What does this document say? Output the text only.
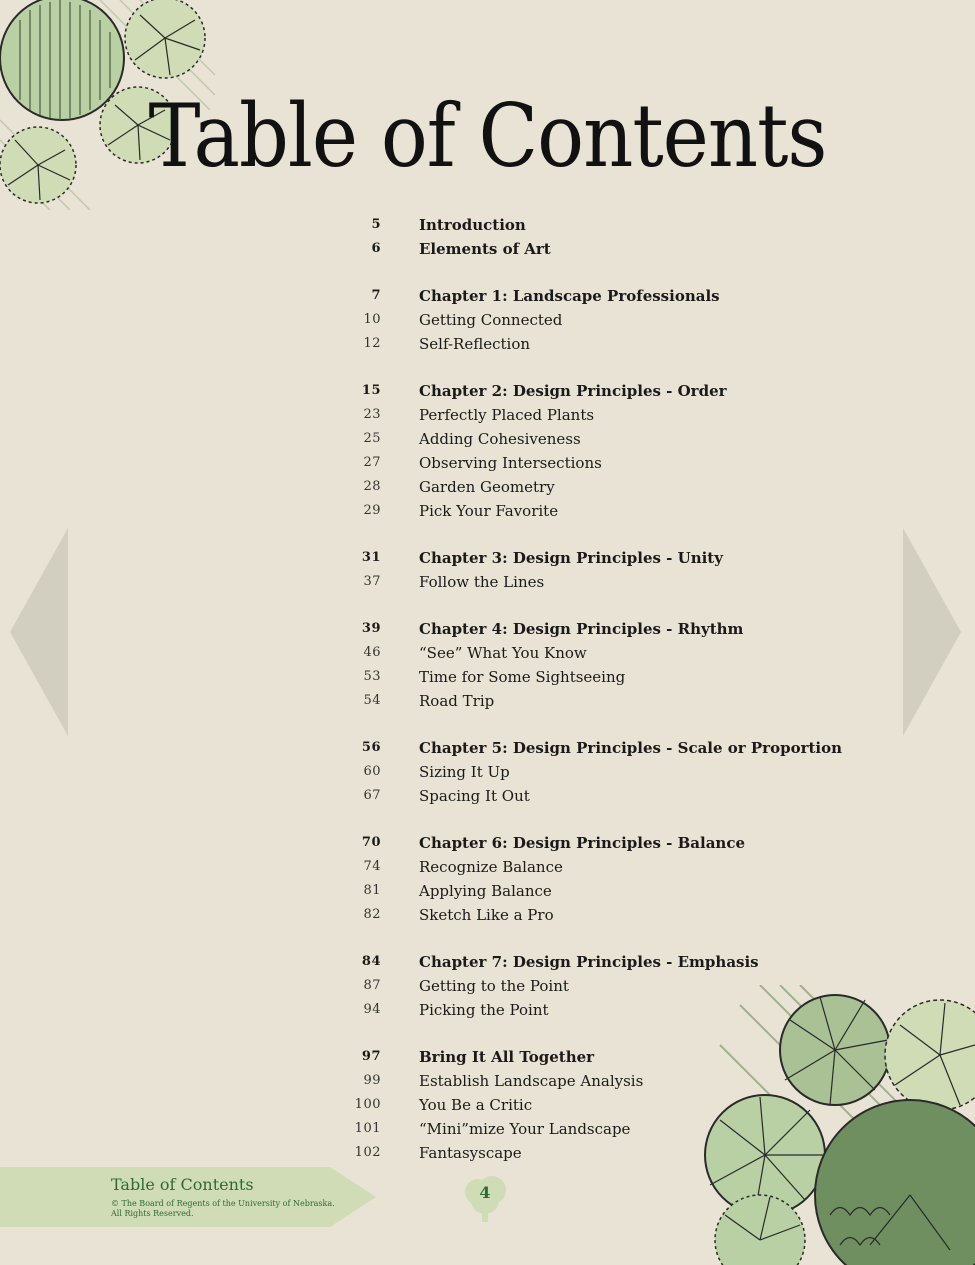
Table of Contents
5	Introduction
6	Elements of Art
7	Chapter 1: Landscape Professionals
10	Getting Connected
12	Self-Reflection
15	Chapter 2: Design Principles - Order
23	Perfectly Placed Plants
25	Adding Cohesiveness
27	Observing Intersections
28	Garden Geometry
29	Pick Your Favorite
31	Chapter 3: Design Principles - Unity
37	Follow the Lines
39	Chapter 4: Design Principles - Rhythm
46	“See” What You Know
53	Time for Some Sightseeing
54	Road Trip
56	Chapter 5: Design Principles - Scale or Proportion
60	Sizing It Up
67	Spacing It Out
70	Chapter 6: Design Principles - Balance
74	Recognize Balance
81	Applying Balance
82	Sketch Like a Pro
84	Chapter 7: Design Principles - Emphasis
87	Getting to the Point
94	Picking the Point
97	Bring It All Together
99	Establish Landscape Analysis
100	You Be a Critic
101	“Mini”mize Your Landscape
102	Fantasyscape
Table of Contents
© The Board of Regents of the University of Nebraska.
All Rights Reserved.
4
